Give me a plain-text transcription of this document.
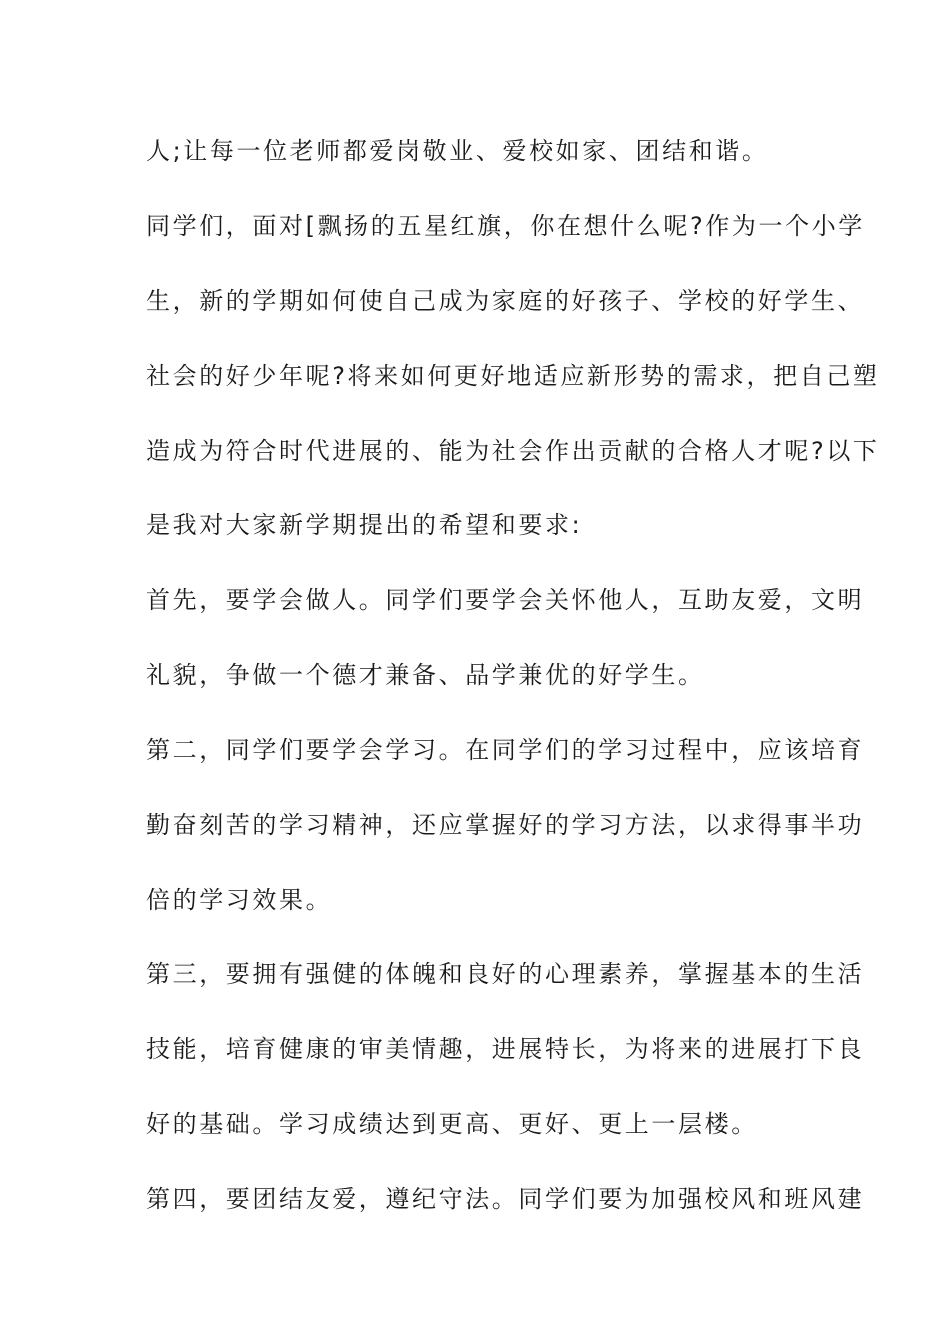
人;让每一位老师都爱岗敬业、爱校如家、团结和谐。

同学们，面对[飘扬的五星红旗，你在想什么呢?作为一个小学

生，新的学期如何使自己成为家庭的好孩子、学校的好学生、

社会的好少年呢?将来如何更好地适应新形势的需求，把自己塑

造成为符合时代进展的、能为社会作出贡献的合格人才呢?以下

是我对大家新学期提出的希望和要求:

首先，要学会做人。同学们要学会关怀他人，互助友爱，文明

礼貌，争做一个德才兼备、品学兼优的好学生。

第二，同学们要学会学习。在同学们的学习过程中，应该培育

勤奋刻苦的学习精神，还应掌握好的学习方法，以求得事半功

倍的学习效果。

第三，要拥有强健的体魄和良好的心理素养，掌握基本的生活

技能，培育健康的审美情趣，进展特长，为将来的进展打下良

好的基础。学习成绩达到更高、更好、更上一层楼。

第四，要团结友爱，遵纪守法。同学们要为加强校风和班风建
